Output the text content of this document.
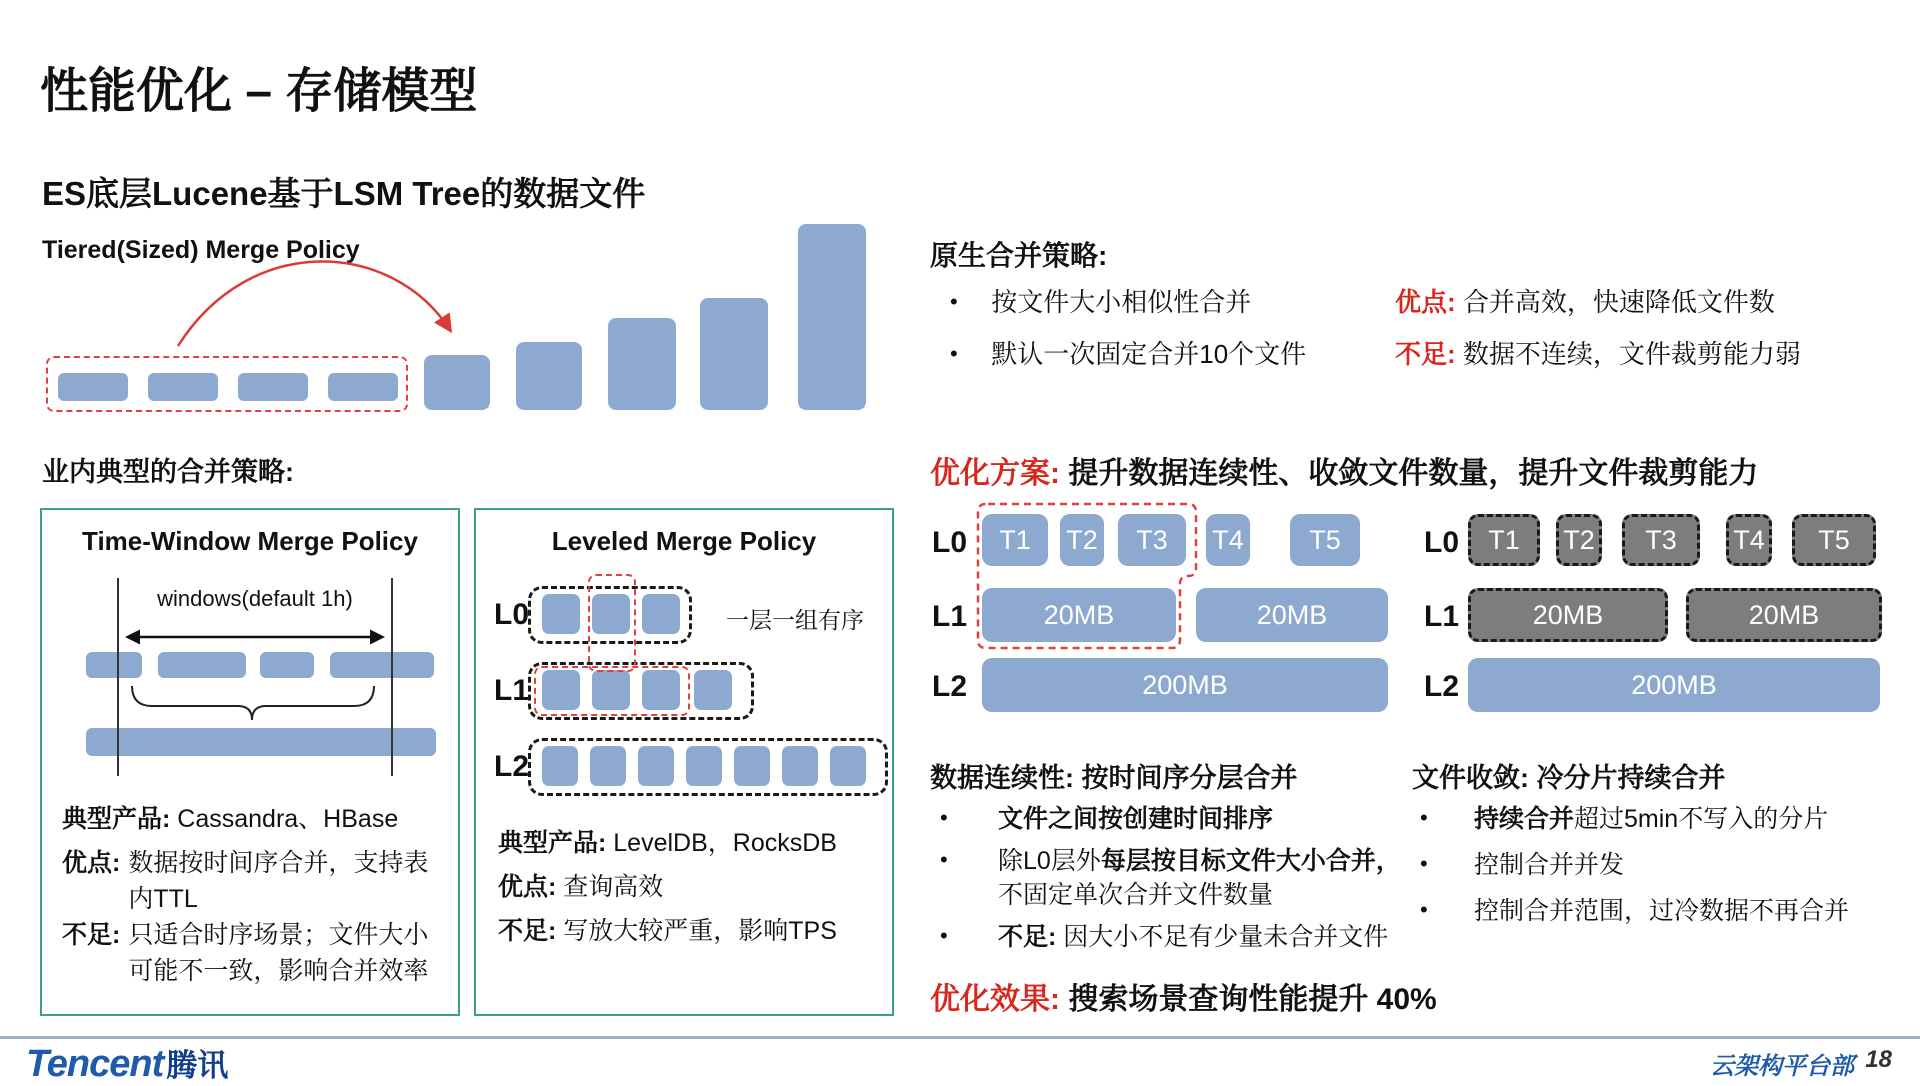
性能优化 – 存储模型
ES底层Lucene基于LSM Tree的数据文件
Tiered(Sized) Merge Policy
业内典型的合并策略:
Time-Window Merge Policy
windows(default 1h)
典型产品: Cassandra、HBase
优点: 数据按时间序合并，支持表内TTL
不足: 只适合时序场景；文件大小可能不一致，影响合并效率
Leveled Merge Policy
L0	一层一组有序
L1
L2
典型产品: LevelDB，RocksDB
优点: 查询高效
不足: 写放大较严重，影响TPS
原生合并策略:
• 按文件大小相似性合并	优点: 合并高效，快速降低文件数
• 默认一次固定合并10个文件	不足: 数据不连续，文件裁剪能力弱
优化方案: 提升数据连续性、收敛文件数量，提升文件裁剪能力
L0	T1	T2	T3	T4	T5
L1	20MB	20MB
L2	200MB
L0	T1	T2	T3	T4	T5
L1	20MB	20MB
L2	200MB
数据连续性: 按时间序分层合并
• 文件之间按创建时间排序
• 除L0层外每层按目标文件大小合并，
不固定单次合并文件数量
• 不足: 因大小不足有少量未合并文件
文件收敛: 冷分片持续合并
• 持续合并超过5min不写入的分片
• 控制合并并发
• 控制合并范围，过冷数据不再合并
优化效果: 搜索场景查询性能提升 40%
Tencent 腾讯	云架构平台部 18
